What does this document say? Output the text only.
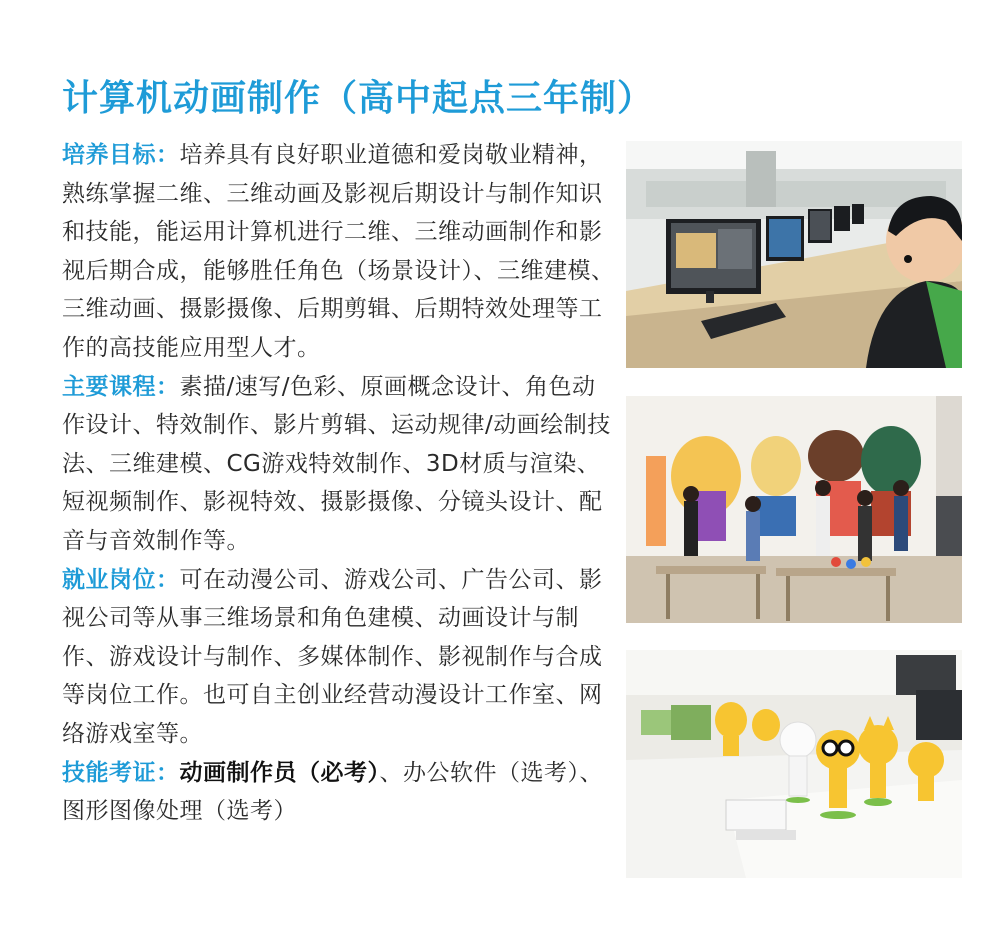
计算机动画制作（高中起点三年制）

培养目标：培养具有良好职业道德和爱岗敬业精神，熟练掌握二维、三维动画及影视后期设计与制作知识和技能，能运用计算机进行二维、三维动画制作和影视后期合成，能够胜任角色（场景设计）、三维建模、三维动画、摄影摄像、后期剪辑、后期特效处理等工作的高技能应用型人才。

主要课程：素描/速写/色彩、原画概念设计、角色动作设计、特效制作、影片剪辑、运动规律/动画绘制技法、三维建模、CG游戏特效制作、3D材质与渲染、短视频制作、影视特效、摄影摄像、分镜头设计、配音与音效制作等。

就业岗位：可在动漫公司、游戏公司、广告公司、影视公司等从事三维场景和角色建模、动画设计与制作、游戏设计与制作、多媒体制作、影视制作与合成等岗位工作。也可自主创业经营动漫设计工作室、网络游戏室等。

技能考证：动画制作员（必考）、办公软件（选考）、图形图像处理（选考）
